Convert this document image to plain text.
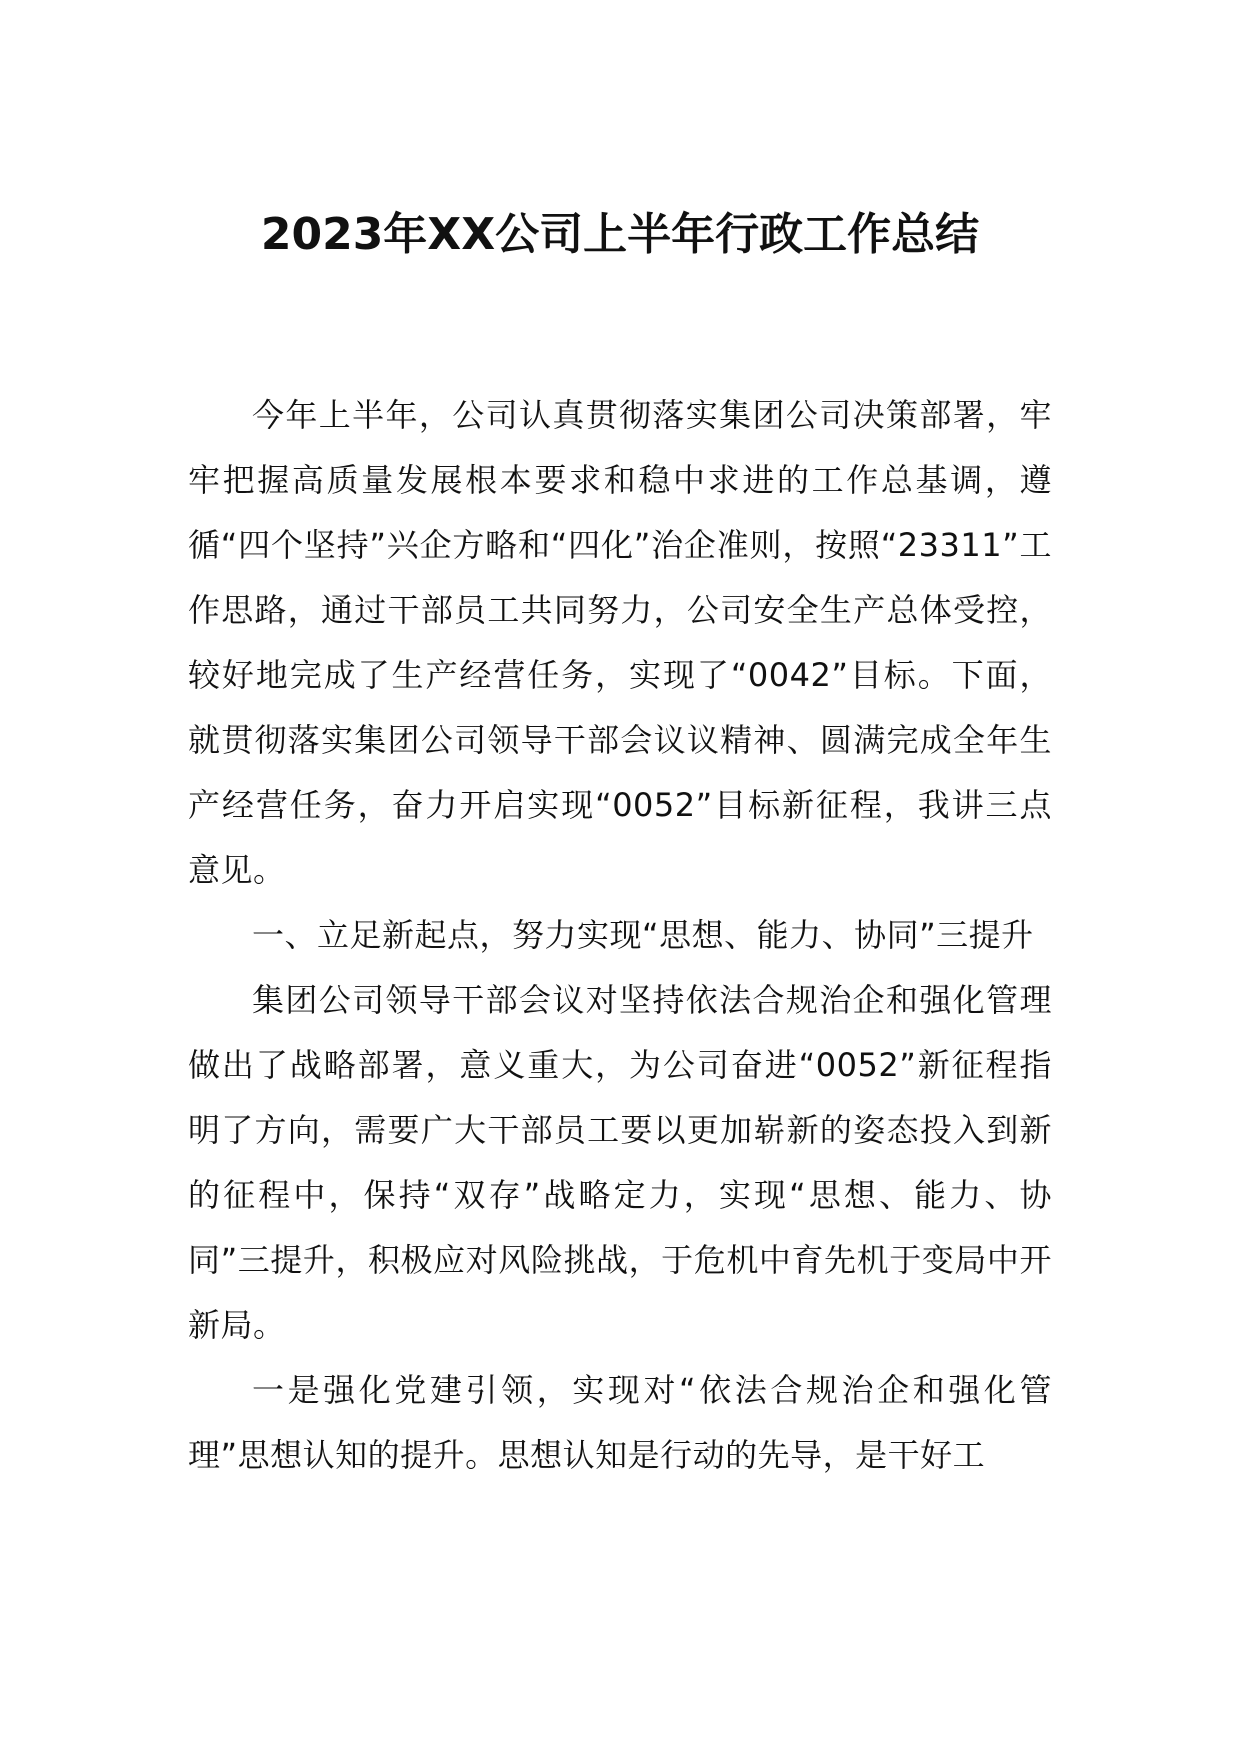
2023年XX公司上半年行政工作总结

今年上半年，公司认真贯彻落实集团公司决策部署，牢牢把握高质量发展根本要求和稳中求进的工作总基调，遵循“四个坚持”兴企方略和“四化”治企准则，按照“23311”工作思路，通过干部员工共同努力，公司安全生产总体受控，较好地完成了生产经营任务，实现了“0042”目标。下面，就贯彻落实集团公司领导干部会议议精神、圆满完成全年生产经营任务，奋力开启实现“0052”目标新征程，我讲三点意见。

一、立足新起点，努力实现“思想、能力、协同”三提升

集团公司领导干部会议对坚持依法合规治企和强化管理做出了战略部署，意义重大，为公司奋进“0052”新征程指明了方向，需要广大干部员工要以更加崭新的姿态投入到新的征程中，保持“双存”战略定力，实现“思想、能力、协同”三提升，积极应对风险挑战，于危机中育先机于变局中开新局。

一是强化党建引领，实现对“依法合规治企和强化管理”思想认知的提升。思想认知是行动的先导，是干好工
